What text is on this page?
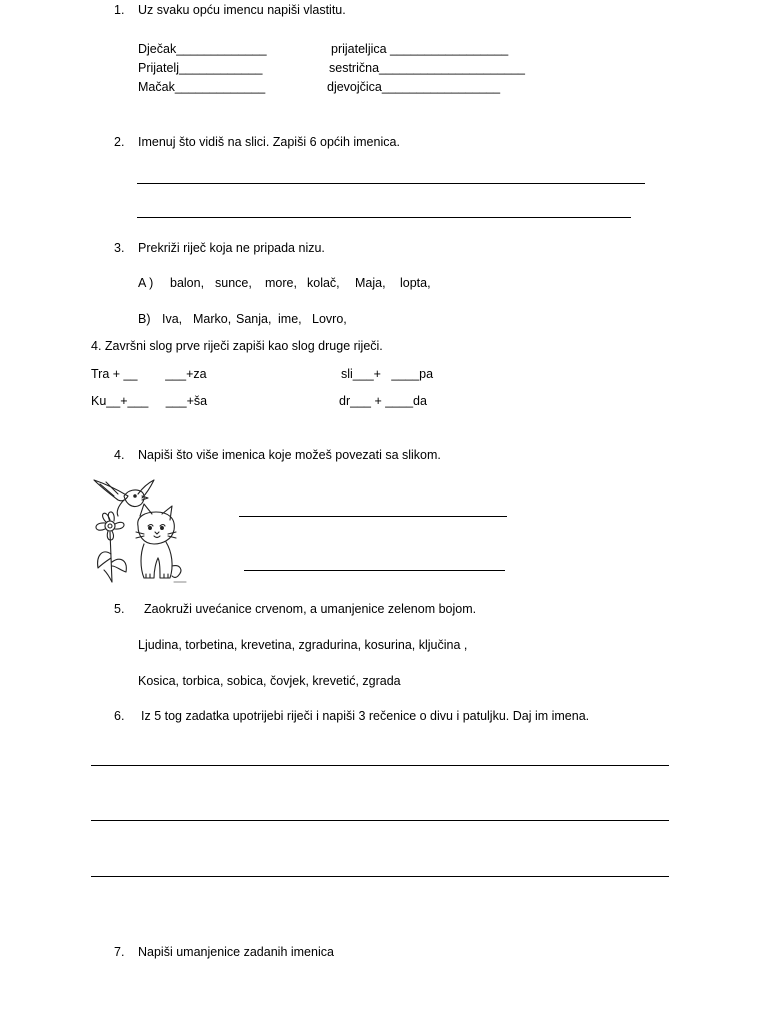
1. Uz svaku opću imencu napiši vlastitu.
Dječak_____________
Prijatelj____________
Mačak_____________
prijateljica _________________
sestrična_____________________
djevojčica_________________
2. Imenuj što vidiš na slici. Zapiši 6 općih imenica.
3. Prekriži riječ koja ne pripada nizu.
A ) balon, sunce, more, kolač, Maja, lopta,
B) Iva, Marko, Sanja, ime, Lovro,
4. Završni slog prve riječi zapiši kao slog druge riječi.
Tra + __        ___+za	sli___+   ____pa
Ku__+___     ___+ša	dr___ + ____da
4. Napiši što više imenica koje možeš povezati sa slikom.
5. Zaokruži uvećanice crvenom, a umanjenice zelenom bojom.
Ljudina, torbetina, krevetina, zgradurina, kosurina, ključina ,
Kosica, torbica, sobica, čovjek, krevetić, zgrada
6. Iz 5 tog zadatka upotrijebi riječi i napiši 3 rečenice o divu i patuljku. Daj im imena.
7. Napiši umanjenice zadanih imenica
